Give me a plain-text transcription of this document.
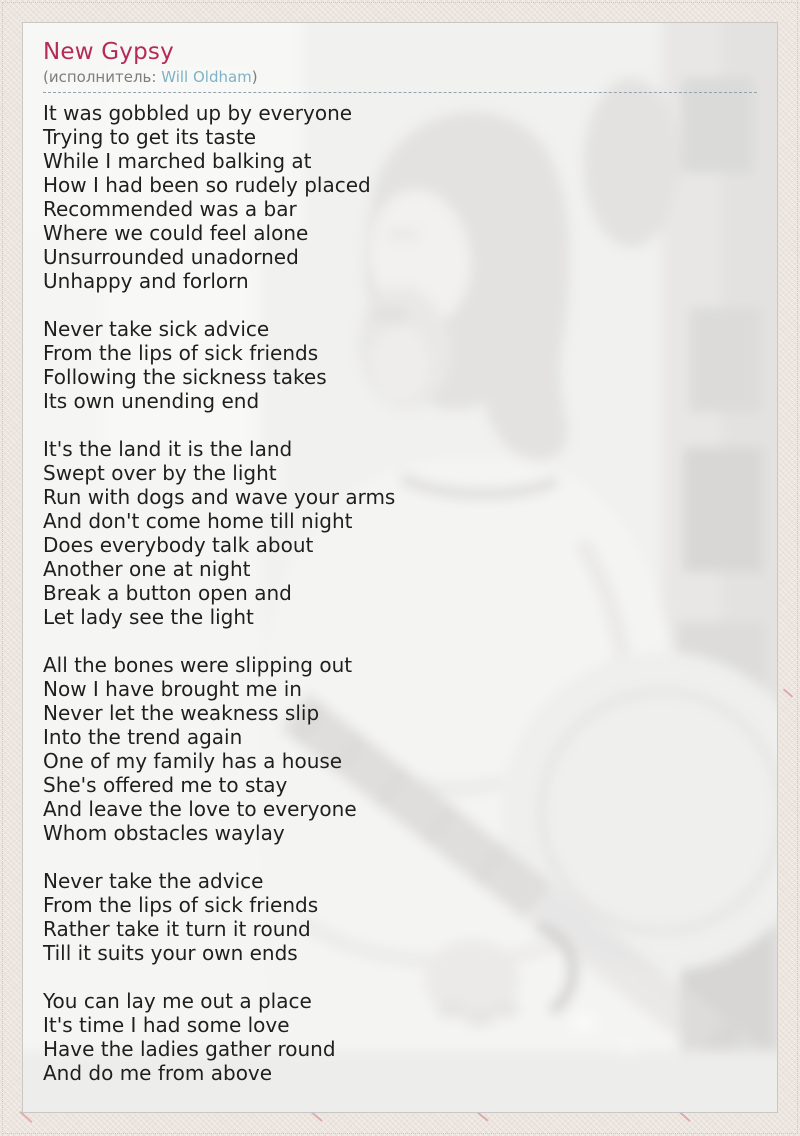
New Gypsy
(исполнитель: Will Oldham)

It was gobbled up by everyone
Trying to get its taste
While I marched balking at
How I had been so rudely placed
Recommended was a bar
Where we could feel alone
Unsurrounded unadorned
Unhappy and forlorn

Never take sick advice
From the lips of sick friends
Following the sickness takes
Its own unending end

It's the land it is the land
Swept over by the light
Run with dogs and wave your arms
And don't come home till night
Does everybody talk about
Another one at night
Break a button open and
Let lady see the light

All the bones were slipping out
Now I have brought me in
Never let the weakness slip
Into the trend again
One of my family has a house
She's offered me to stay
And leave the love to everyone
Whom obstacles waylay

Never take the advice
From the lips of sick friends
Rather take it turn it round
Till it suits your own ends

You can lay me out a place
It's time I had some love
Have the ladies gather round
And do me from above
